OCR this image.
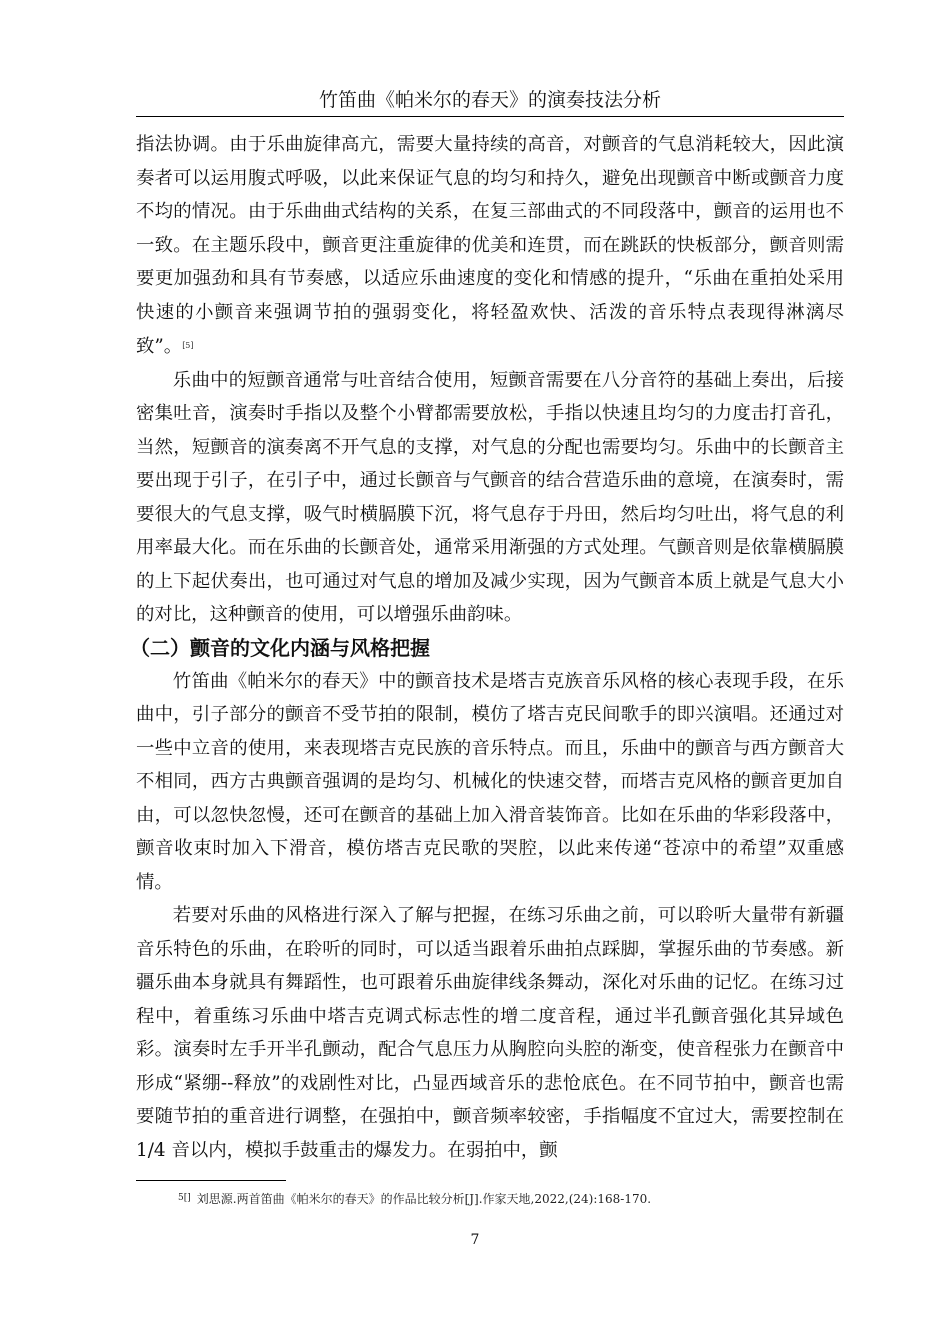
竹笛曲《帕米尔的春天》的演奏技法分析

指法协调。由于乐曲旋律高亢，需要大量持续的高音，对颤音的气息消耗较大，因此演奏者可以运用腹式呼吸，以此来保证气息的均匀和持久，避免出现颤音中断或颤音力度不均的情况。由于乐曲曲式结构的关系，在复三部曲式的不同段落中，颤音的运用也不一致。在主题乐段中，颤音更注重旋律的优美和连贯，而在跳跃的快板部分，颤音则需要更加强劲和具有节奏感，以适应乐曲速度的变化和情感的提升，“乐曲在重拍处采用快速的小颤音来强调节拍的强弱变化，将轻盈欢快、活泼的音乐特点表现得淋漓尽致”。[5]

乐曲中的短颤音通常与吐音结合使用，短颤音需要在八分音符的基础上奏出，后接密集吐音，演奏时手指以及整个小臂都需要放松，手指以快速且均匀的力度击打音孔，当然，短颤音的演奏离不开气息的支撑，对气息的分配也需要均匀。乐曲中的长颤音主要出现于引子，在引子中，通过长颤音与气颤音的结合营造乐曲的意境，在演奏时，需要很大的气息支撑，吸气时横膈膜下沉，将气息存于丹田，然后均匀吐出，将气息的利用率最大化。而在乐曲的长颤音处，通常采用渐强的方式处理。气颤音则是依靠横膈膜的上下起伏奏出，也可通过对气息的增加及减少实现，因为气颤音本质上就是气息大小的对比，这种颤音的使用，可以增强乐曲韵味。

（二）颤音的文化内涵与风格把握

竹笛曲《帕米尔的春天》中的颤音技术是塔吉克族音乐风格的核心表现手段，在乐曲中，引子部分的颤音不受节拍的限制，模仿了塔吉克民间歌手的即兴演唱。还通过对一些中立音的使用，来表现塔吉克民族的音乐特点。而且，乐曲中的颤音与西方颤音大不相同，西方古典颤音强调的是均匀、机械化的快速交替，而塔吉克风格的颤音更加自由，可以忽快忽慢，还可在颤音的基础上加入滑音装饰音。比如在乐曲的华彩段落中，颤音收束时加入下滑音，模仿塔吉克民歌的哭腔，以此来传递“苍凉中的希望”双重感情。

若要对乐曲的风格进行深入了解与把握，在练习乐曲之前，可以聆听大量带有新疆音乐特色的乐曲，在聆听的同时，可以适当跟着乐曲拍点踩脚，掌握乐曲的节奏感。新疆乐曲本身就具有舞蹈性，也可跟着乐曲旋律线条舞动，深化对乐曲的记忆。在练习过程中，着重练习乐曲中塔吉克调式标志性的增二度音程，通过半孔颤音强化其异域色彩。演奏时左手开半孔颤动，配合气息压力从胸腔向头腔的渐变，使音程张力在颤音中形成“紧绷--释放”的戏剧性对比，凸显西域音乐的悲怆底色。在不同节拍中，颤音也需要随节拍的重音进行调整，在强拍中，颤音频率较密，手指幅度不宜过大，需要控制在 1/4 音以内，模拟手鼓重击的爆发力。在弱拍中，颤

$^{5[]}$ 刘思源.两首笛曲《帕米尔的春天》的作品比较分析[J].作家天地,2022,(24):168-170.
7
